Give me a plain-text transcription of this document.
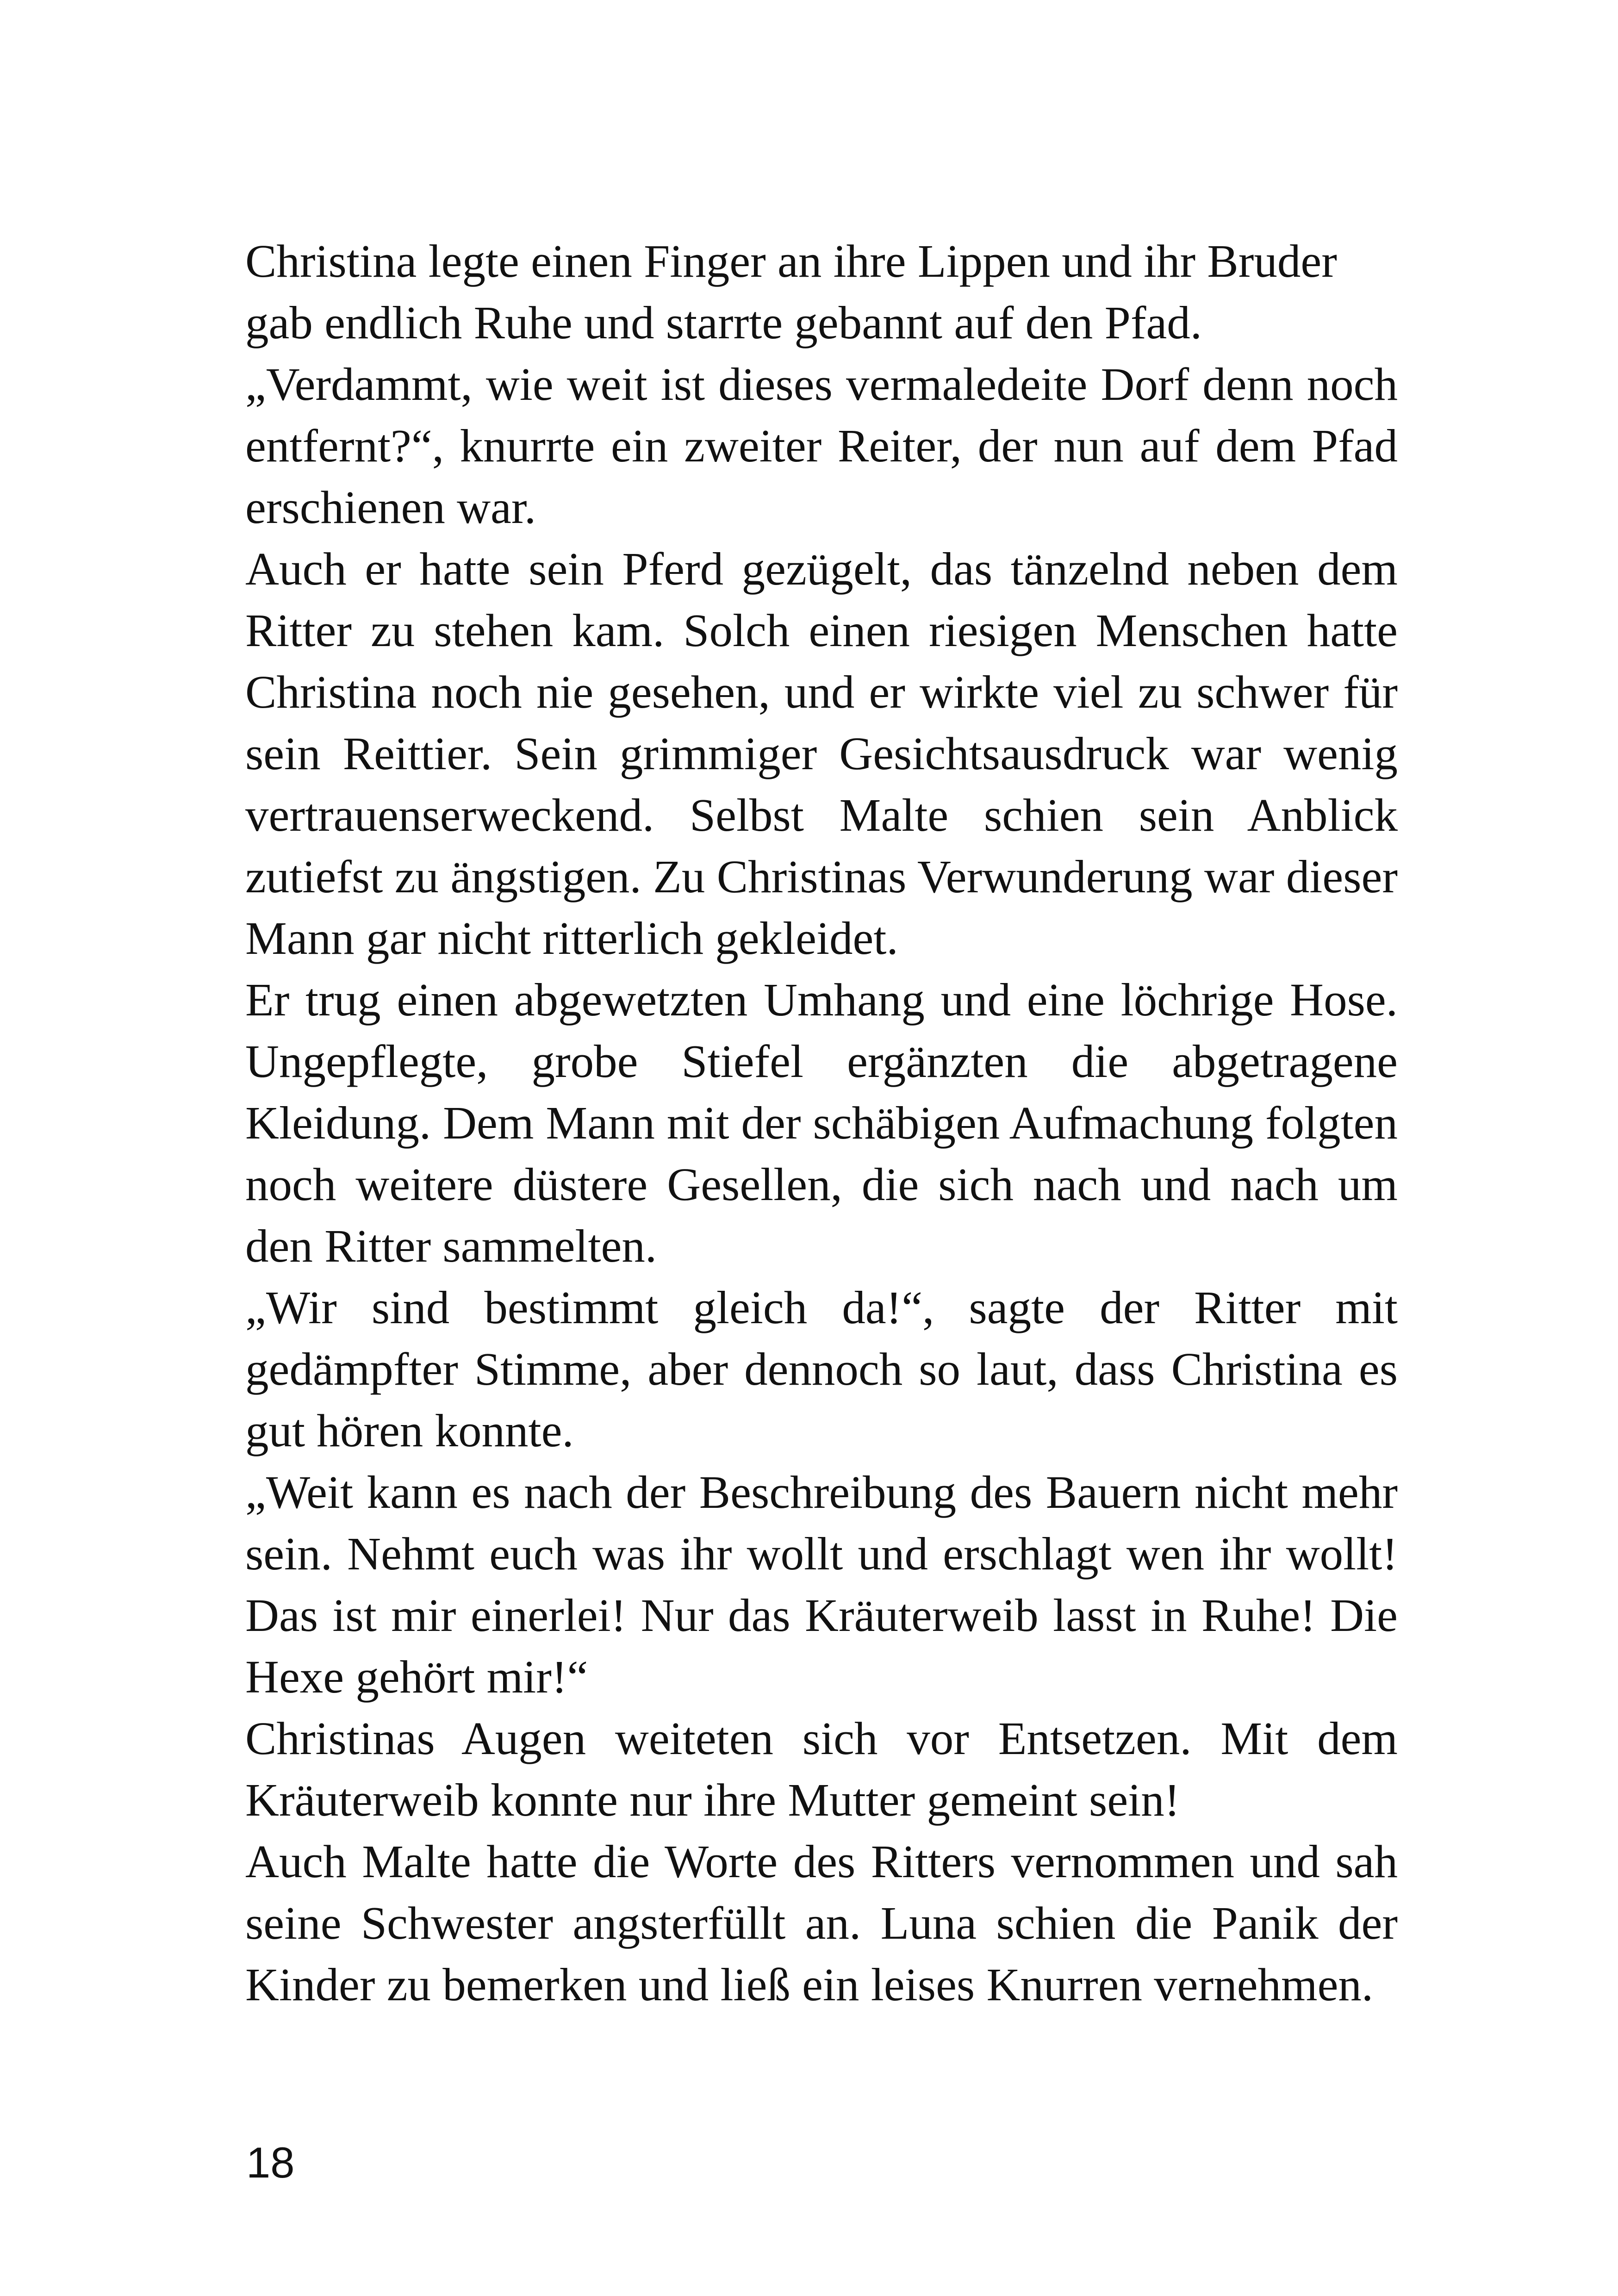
Christina legte einen Finger an ihre Lippen und ihr Bruder gab endlich Ruhe und starrte gebannt auf den Pfad.

„Verdammt, wie weit ist dieses vermaledeite Dorf denn noch entfernt?“, knurrte ein zweiter Reiter, der nun auf dem Pfad erschienen war.

Auch er hatte sein Pferd gezügelt, das tänzelnd neben dem Ritter zu stehen kam. Solch einen riesigen Menschen hatte Christina noch nie gesehen, und er wirkte viel zu schwer für sein Reittier. Sein grimmiger Gesichtsausdruck war wenig vertrauenserweckend. Selbst Malte schien sein Anblick zutiefst zu ängstigen. Zu Christinas Verwunderung war dieser Mann gar nicht ritterlich gekleidet.

Er trug einen abgewetzten Umhang und eine löchrige Hose. Ungepflegte, grobe Stiefel ergänzten die abgetragene Kleidung. Dem Mann mit der schäbigen Aufmachung folgten noch weitere düstere Gesellen, die sich nach und nach um den Ritter sammelten.

„Wir sind bestimmt gleich da!“, sagte der Ritter mit gedämpfter Stimme, aber dennoch so laut, dass Christina es gut hören konnte.

„Weit kann es nach der Beschreibung des Bauern nicht mehr sein. Nehmt euch was ihr wollt und erschlagt wen ihr wollt! Das ist mir einerlei! Nur das Kräuterweib lasst in Ruhe! Die Hexe gehört mir!“

Christinas Augen weiteten sich vor Entsetzen. Mit dem Kräuterweib konnte nur ihre Mutter gemeint sein!

Auch Malte hatte die Worte des Ritters vernommen und sah seine Schwester angsterfüllt an. Luna schien die Panik der Kinder zu bemerken und ließ ein leises Knurren vernehmen.

18
